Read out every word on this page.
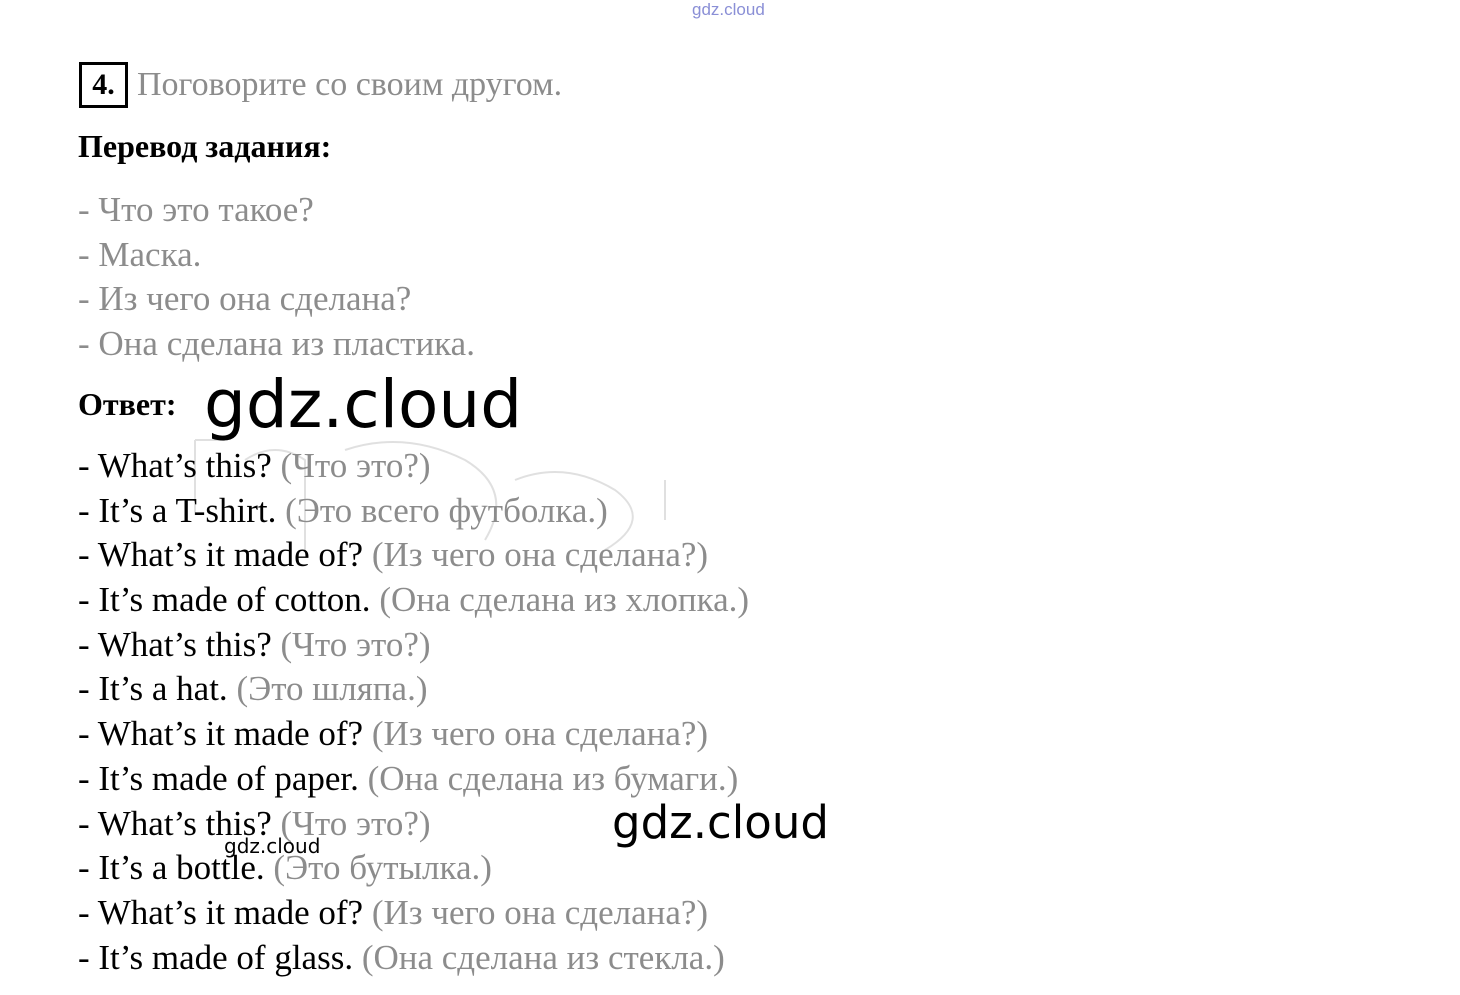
gdz.cloud
4. Поговорите со своим другом.
Перевод задания:
- Что это такое?
- Маска.
- Из чего она сделана?
- Она сделана из пластика.
Ответ:
- What’s this? (Что это?)
- It’s a T-shirt. (Это всего футболка.)
- What’s it made of? (Из чего она сделана?)
- It’s made of cotton. (Она сделана из хлопка.)
- What’s this? (Что это?)
- It’s a hat. (Это шляпа.)
- What’s it made of? (Из чего она сделана?)
- It’s made of paper. (Она сделана из бумаги.)
- What’s this? (Что это?)
- It’s a bottle. (Это бутылка.)
- What’s it made of? (Из чего она сделана?)
- It’s made of glass. (Она сделана из стекла.)
gdz.cloud
gdz.cloud
gdz.cloud
